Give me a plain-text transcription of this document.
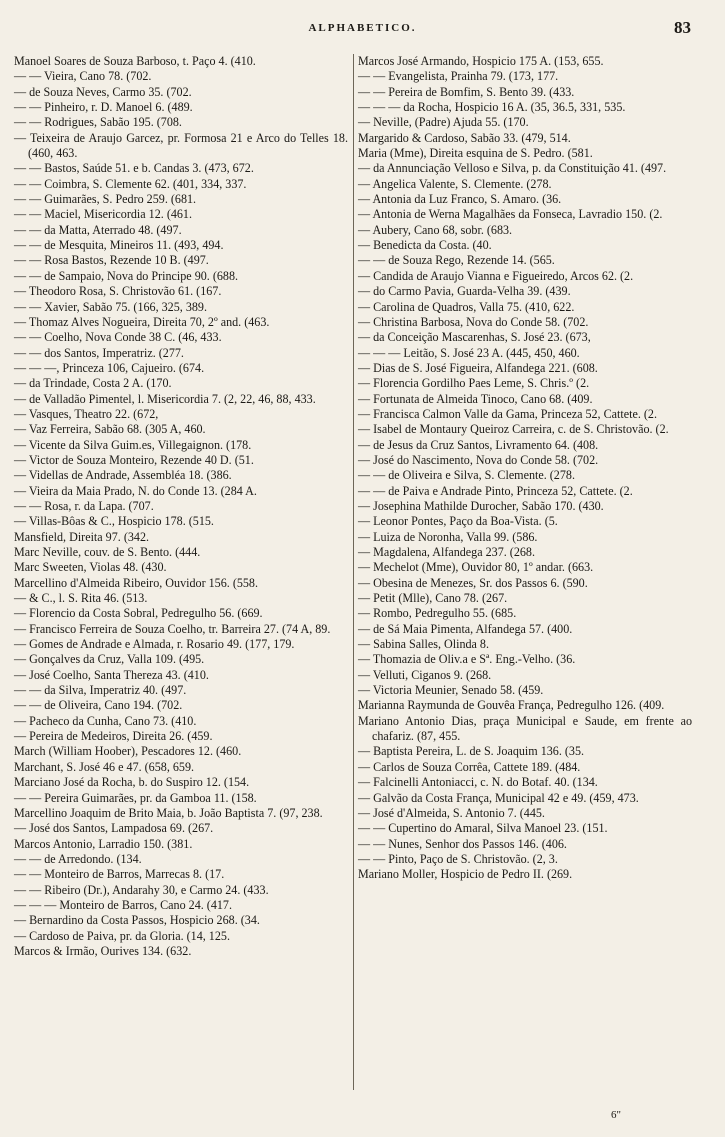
ALPHABETICO.	83
Manoel Soares de Souza Barboso, t. Paço 4. (410.
— — Vieira, Cano 78. (702.
— de Souza Neves, Carmo 35. (702.
— — Pinheiro, r. D. Manoel 6. (489.
— — Rodrigues, Sabão 195. (708.
— Teixeira de Araujo Garcez, pr. Formosa 21 e Arco do Telles 18. (460, 463.
— — Bastos, Saúde 51. e b. Candas 3. (473, 672.
— — Coimbra, S. Clemente 62. (401, 334, 337.
— — Guimarães, S. Pedro 259. (681.
— — Maciel, Misericordia 12. (461.
— — da Matta, Aterrado 48. (497.
— — de Mesquita, Mineiros 11. (493, 494.
— — Rosa Bastos, Rezende 10 B. (497.
— — de Sampaio, Nova do Principe 90. (688.
— Theodoro Rosa, S. Christovão 61. (167.
— — Xavier, Sabão 75. (166, 325, 389.
— Thomaz Alves Nogueira, Direita 70, 2º and. (463.
— — Coelho, Nova Conde 38 C. (46, 433.
— — dos Santos, Imperatriz. (277.
— — —, Princeza 106, Cajueiro. (674.
— da Trindade, Costa 2 A. (170.
— de Valladão Pimentel, l. Misericordia 7. (2, 22, 46, 88, 433.
— Vasques, Theatro 22. (672,
— Vaz Ferreira, Sabão 68. (305 A, 460.
— Vicente da Silva Guim.es, Villegaignon. (178.
— Victor de Souza Monteiro, Rezende 40 D. (51.
— Videllas de Andrade, Assembléa 18. (386.
— Vieira da Maia Prado, N. do Conde 13. (284 A.
— — Rosa, r. da Lapa. (707.
— Villas-Bôas & C., Hospicio 178. (515.
Mansfield, Direita 97. (342.
Marc Neville, couv. de S. Bento. (444.
Marc Sweeten, Violas 48. (430.
Marcellino d'Almeida Ribeiro, Ouvidor 156. (558.
— & C., l. S. Rita 46. (513.
— Florencio da Costa Sobral, Pedregulho 56. (669.
— Francisco Ferreira de Souza Coelho, tr. Barreira 27. (74 A, 89.
— Gomes de Andrade e Almada, r. Rosario 49. (177, 179.
— Gonçalves da Cruz, Valla 109. (495.
— José Coelho, Santa Thereza 43. (410.
— — da Silva, Imperatriz 40. (497.
— — de Oliveira, Cano 194. (702.
— Pacheco da Cunha, Cano 73. (410.
— Pereira de Medeiros, Direita 26. (459.
March (William Hoober), Pescadores 12. (460.
Marchant, S. José 46 e 47. (658, 659.
Marciano José da Rocha, b. do Suspiro 12. (154.
— — Pereira Guimarães, pr. da Gamboa 11. (158.
Marcellino Joaquim de Brito Maia, b. João Baptista 7. (97, 238.
— José dos Santos, Lampadosa 69. (267.
Marcos Antonio, Larradio 150. (381.
— — de Arredondo. (134.
— — Monteiro de Barros, Marrecas 8. (17.
— — Ribeiro (Dr.), Andarahy 30, e Carmo 24. (433.
— — — Monteiro de Barros, Cano 24. (417.
— Bernardino da Costa Passos, Hospicio 268. (34.
— Cardoso de Paiva, pr. da Gloria. (14, 125.
Marcos & Irmão, Ourives 134. (632.
Marcos José Armando, Hospicio 175 A. (153, 655.
— — Evangelista, Prainha 79. (173, 177.
— — Pereira de Bomfim, S. Bento 39. (433.
— — — da Rocha, Hospicio 16 A. (35, 36.5, 331, 535.
— Neville, (Padre) Ajuda 55. (170.
Margarido & Cardoso, Sabão 33. (479, 514.
Maria (Mme), Direita esquina de S. Pedro. (581.
— da Annunciação Velloso e Silva, p. da Constituição 41. (497.
— Angelica Valente, S. Clemente. (278.
— Antonia da Luz Franco, S. Amaro. (36.
— Antonia de Werna Magalhães da Fonseca, Lavradio 150. (2.
— Aubery, Cano 68, sobr. (683.
— Benedicta da Costa. (40.
— — de Souza Rego, Rezende 14. (565.
— Candida de Araujo Vianna e Figueiredo, Arcos 62. (2.
— do Carmo Pavia, Guarda-Velha 39. (439.
— Carolina de Quadros, Valla 75. (410, 622.
— Christina Barbosa, Nova do Conde 58. (702.
— da Conceição Mascarenhas, S. José 23. (673,
— — — Leitão, S. José 23 A. (445, 450, 460.
— Dias de S. José Figueira, Alfandega 221. (608.
— Florencia Gordilho Paes Leme, S. Chris.º (2.
— Fortunata de Almeida Tinoco, Cano 68. (409.
— Francisca Calmon Valle da Gama, Princeza 52, Cattete. (2.
— Isabel de Montaury Queiroz Carreira, c. de S. Christovão. (2.
— de Jesus da Cruz Santos, Livramento 64. (408.
— José do Nascimento, Nova do Conde 58. (702.
— — de Oliveira e Silva, S. Clemente. (278.
— — de Paiva e Andrade Pinto, Princeza 52, Cattete. (2.
— Josephina Mathilde Durocher, Sabão 170. (430.
— Leonor Pontes, Paço da Boa-Vista. (5.
— Luiza de Noronha, Valla 99. (586.
— Magdalena, Alfandega 237. (268.
— Mechelot (Mme), Ouvidor 80, 1º andar. (663.
— Obesina de Menezes, Sr. dos Passos 6. (590.
— Petit (Mlle), Cano 78. (267.
— Rombo, Pedregulho 55. (685.
— de Sá Maia Pimenta, Alfandega 57. (400.
— Sabina Salles, Olinda 8.
— Thomazia de Oliv.a e Sª. Eng.-Velho. (36.
— Velluti, Ciganos 9. (268.
— Victoria Meunier, Senado 58. (459.
Marianna Raymunda de Gouvêa França, Pedregulho 126. (409.
Mariano Antonio Dias, praça Municipal e Saude, em frente ao chafariz. (87, 455.
— Baptista Pereira, L. de S. Joaquim 136. (35.
— Carlos de Souza Corrêa, Cattete 189. (484.
— Falcinelli Antoniacci, c. N. do Botaf. 40. (134.
— Galvão da Costa França, Municipal 42 e 49. (459, 473.
— José d'Almeida, S. Antonio 7. (445.
— — Cupertino do Amaral, Silva Manoel 23. (151.
— — Nunes, Senhor dos Passos 146. (406.
— — Pinto, Paço de S. Christovão. (2, 3.
Mariano Moller, Hospicio de Pedro II. (269.
6"
